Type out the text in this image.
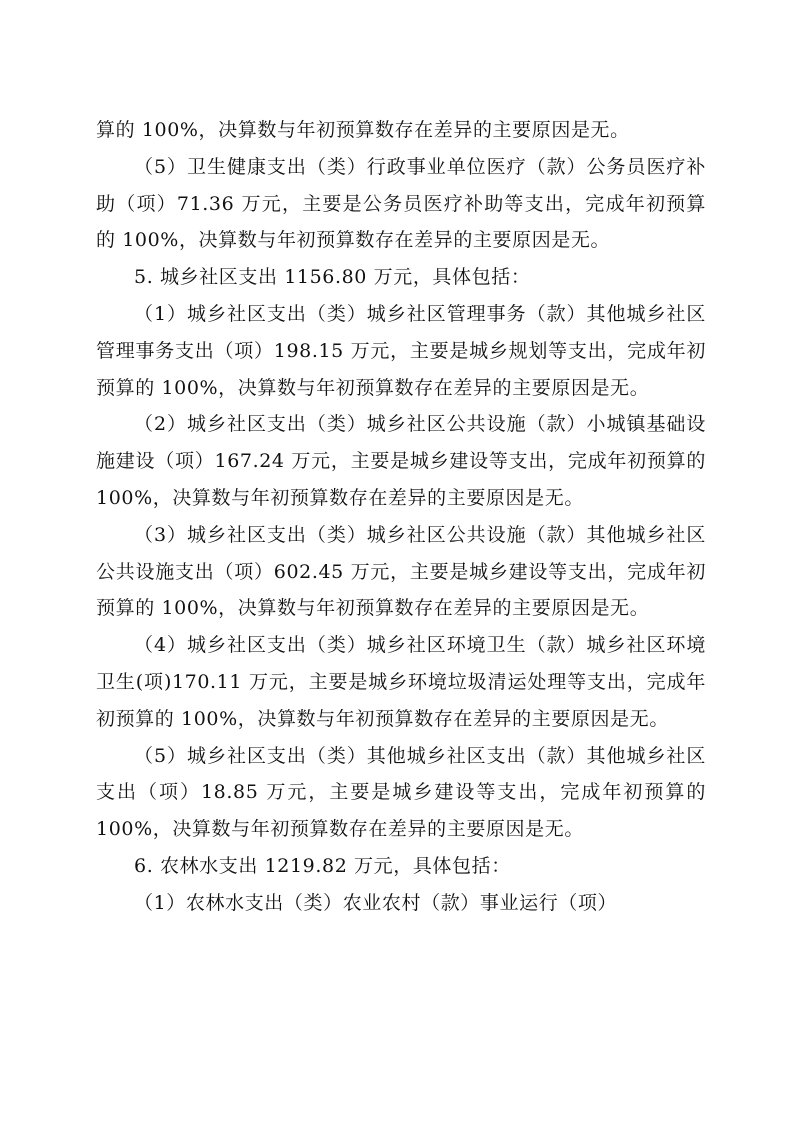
算的 100%，决算数与年初预算数存在差异的主要原因是无。

（5）卫生健康支出（类）行政事业单位医疗（款）公务员医疗补助（项）71.36 万元，主要是公务员医疗补助等支出，完成年初预算的 100%，决算数与年初预算数存在差异的主要原因是无。

5. 城乡社区支出 1156.80 万元，具体包括：

（1）城乡社区支出（类）城乡社区管理事务（款）其他城乡社区管理事务支出（项）198.15 万元，主要是城乡规划等支出，完成年初预算的 100%，决算数与年初预算数存在差异的主要原因是无。

（2）城乡社区支出（类）城乡社区公共设施（款）小城镇基础设施建设（项）167.24 万元，主要是城乡建设等支出，完成年初预算的 100%，决算数与年初预算数存在差异的主要原因是无。

（3）城乡社区支出（类）城乡社区公共设施（款）其他城乡社区公共设施支出（项）602.45 万元，主要是城乡建设等支出，完成年初预算的 100%，决算数与年初预算数存在差异的主要原因是无。

（4）城乡社区支出（类）城乡社区环境卫生（款）城乡社区环境卫生(项)170.11 万元，主要是城乡环境垃圾清运处理等支出，完成年初预算的 100%，决算数与年初预算数存在差异的主要原因是无。

（5）城乡社区支出（类）其他城乡社区支出（款）其他城乡社区支出（项）18.85 万元，主要是城乡建设等支出，完成年初预算的 100%，决算数与年初预算数存在差异的主要原因是无。

6. 农林水支出 1219.82 万元，具体包括：

（1）农林水支出（类）农业农村（款）事业运行（项）
